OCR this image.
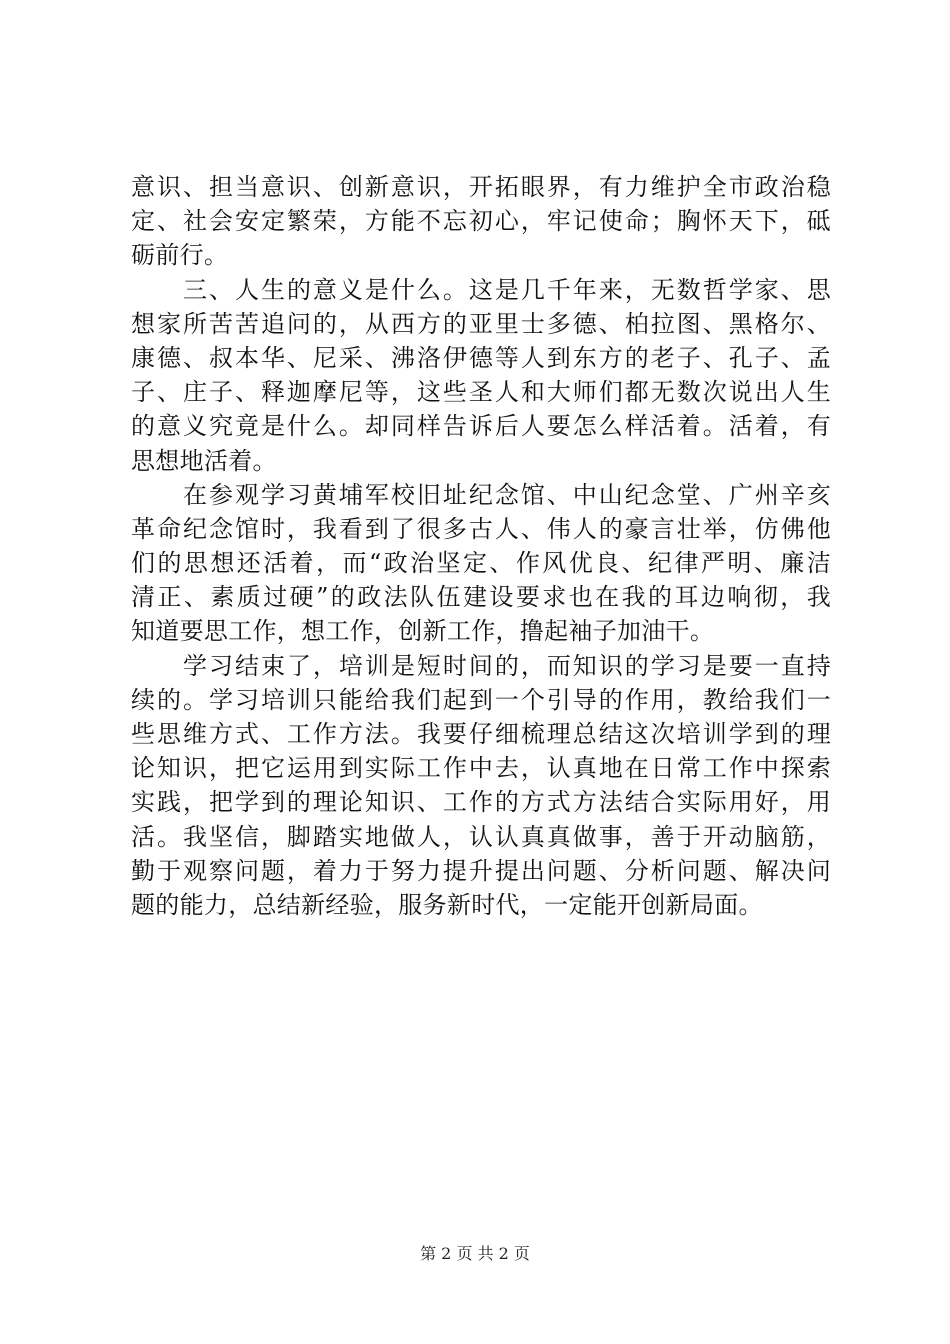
意识、担当意识、创新意识，开拓眼界，有力维护全市政治稳
定、社会安定繁荣，方能不忘初心，牢记使命；胸怀天下，砥
砺前行。
三、人生的意义是什么。这是几千年来，无数哲学家、思
想家所苦苦追问的，从西方的亚里士多德、柏拉图、黑格尔、
康德、叔本华、尼采、沸洛伊德等人到东方的老子、孔子、孟
子、庄子、释迦摩尼等，这些圣人和大师们都无数次说出人生
的意义究竟是什么。却同样告诉后人要怎么样活着。活着，有
思想地活着。
在参观学习黄埔军校旧址纪念馆、中山纪念堂、广州辛亥
革命纪念馆时，我看到了很多古人、伟人的豪言壮举，仿佛他
们的思想还活着，而“政治坚定、作风优良、纪律严明、廉洁
清正、素质过硬”的政法队伍建设要求也在我的耳边响彻，我
知道要思工作，想工作，创新工作，撸起袖子加油干。
学习结束了，培训是短时间的，而知识的学习是要一直持
续的。学习培训只能给我们起到一个引导的作用，教给我们一
些思维方式、工作方法。我要仔细梳理总结这次培训学到的理
论知识，把它运用到实际工作中去，认真地在日常工作中探索
实践，把学到的理论知识、工作的方式方法结合实际用好，用
活。我坚信，脚踏实地做人，认认真真做事，善于开动脑筋，
勤于观察问题，着力于努力提升提出问题、分析问题、解决问
题的能力，总结新经验，服务新时代，一定能开创新局面。
第 2 页 共 2 页
